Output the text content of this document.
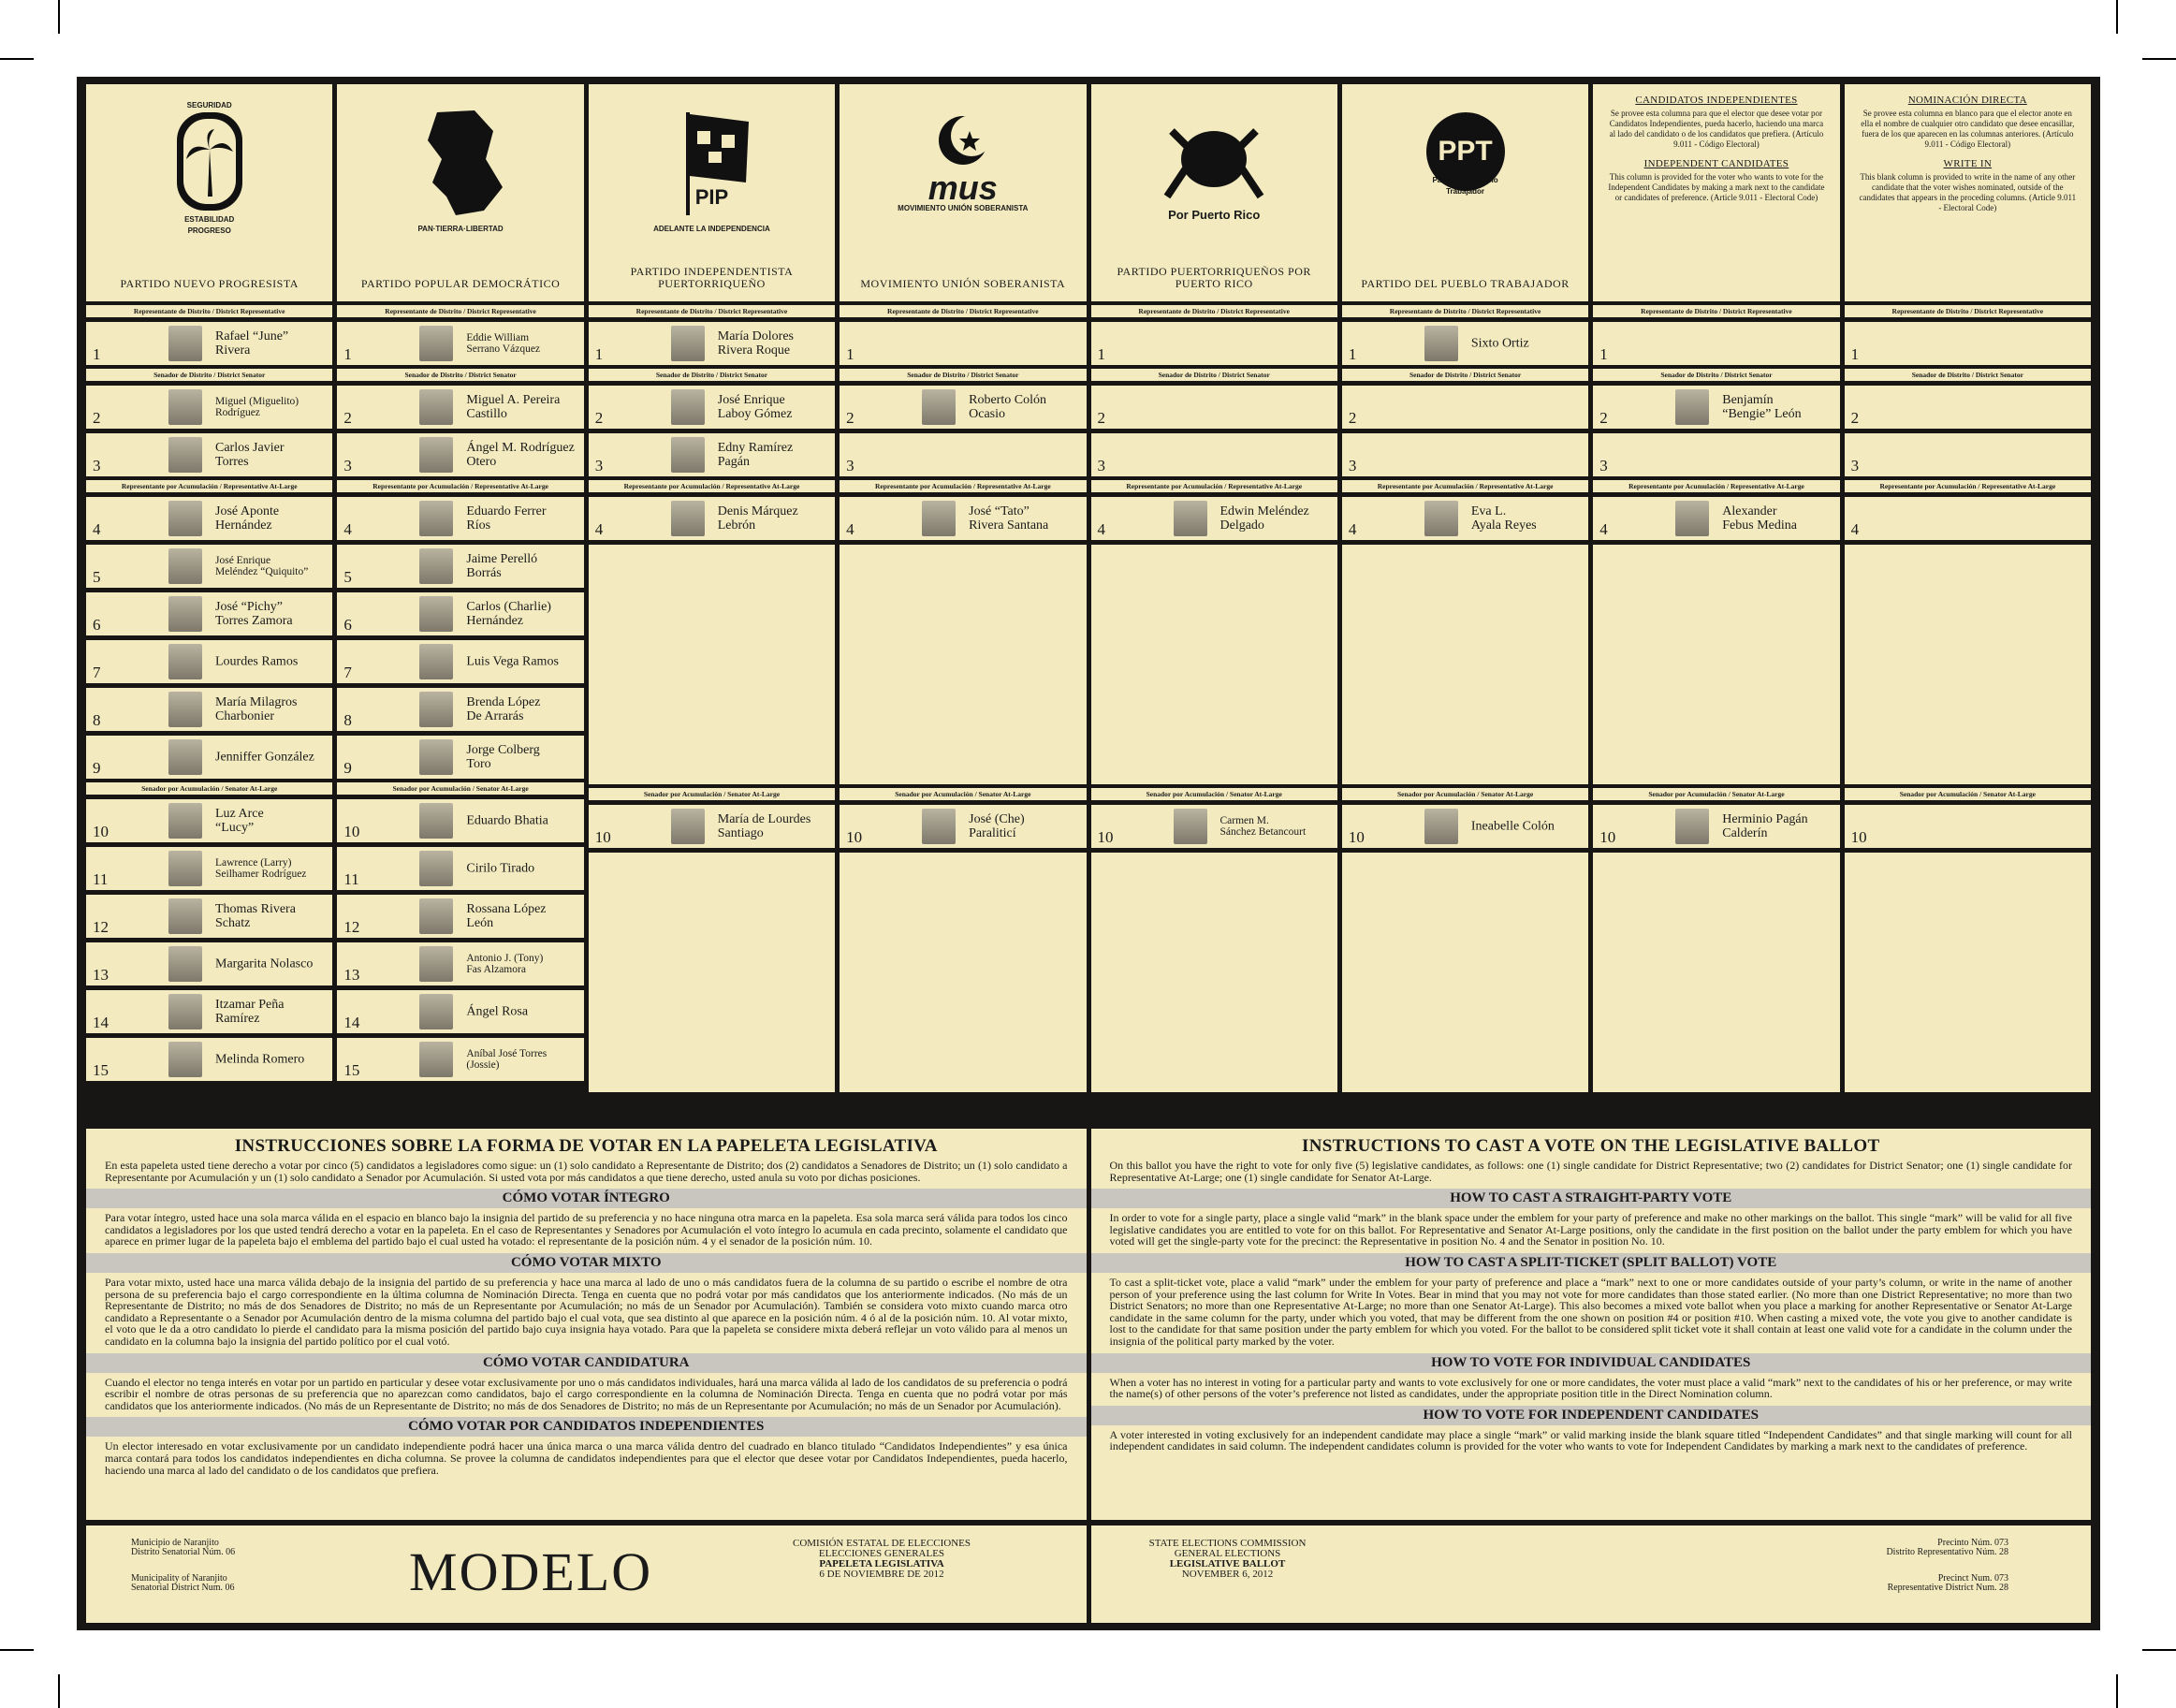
SEGURIDAD
ESTABILIDAD
PROGRESO
PARTIDO NUEVO PROGRESISTA
Representante de Distrito / District Representative
1
Rafael “June”
Rivera
Senador de Distrito / District Senator
2
Miguel (Miguelito)
Rodríguez
3
Carlos Javier
Torres
Representante por Acumulación / Representative At-Large
4
José Aponte
Hernández
5
José Enrique
Meléndez “Quiquito”
6
José “Pichy”
Torres Zamora
7
Lourdes Ramos
8
María Milagros
Charbonier
9
Jenniffer González
Senador por Acumulación / Senator At-Large
10
Luz Arce
“Lucy”
11
Lawrence (Larry)
Seilhamer Rodríguez
12
Thomas Rivera
Schatz
13
Margarita Nolasco
14
Itzamar Peña
Ramírez
15
Melinda Romero
PAN·TIERRA·LIBERTAD
PARTIDO POPULAR DEMOCRÁTICO
Representante de Distrito / District Representative
1
Eddie William
Serrano Vázquez
Senador de Distrito / District Senator
2
Miguel A. Pereira
Castillo
3
Ángel M. Rodríguez
Otero
Representante por Acumulación / Representative At-Large
4
Eduardo Ferrer
Ríos
5
Jaime Perelló
Borrás
6
Carlos (Charlie)
Hernández
7
Luis Vega Ramos
8
Brenda López
De Arrarás
9
Jorge Colberg
Toro
Senador por Acumulación / Senator At-Large
10
Eduardo Bhatia
11
Cirilo Tirado
12
Rossana López
León
13
Antonio J. (Tony)
Fas Alzamora
14
Ángel Rosa
15
Aníbal José Torres
(Jossie)
PIP
ADELANTE LA INDEPENDENCIA
PARTIDO INDEPENDENTISTA PUERTORRIQUEÑO
Representante de Distrito / District Representative
1
María Dolores
Rivera Roque
Senador de Distrito / District Senator
2
José Enrique
Laboy Gómez
3
Edny Ramírez
Pagán
Representante por Acumulación / Representative At-Large
4
Denis Márquez
Lebrón
Senador por Acumulación / Senator At-Large
10
María de Lourdes
Santiago
mus
MOVIMIENTO UNIÓN SOBERANISTA
MOVIMIENTO UNIÓN SOBERANISTA
Representante de Distrito / District Representative
1
Senador de Distrito / District Senator
2
Roberto Colón
Ocasio
3
Representante por Acumulación / Representative At-Large
4
José “Tato”
Rivera Santana
Senador por Acumulación / Senator At-Large
10
José (Che)
Paraliticí
Por Puerto Rico
PARTIDO PUERTORRIQUEÑOS POR PUERTO RICO
Representante de Distrito / District Representative
1
Senador de Distrito / District Senator
2
3
Representante por Acumulación / Representative At-Large
4
Edwin Meléndez
Delgado
Senador por Acumulación / Senator At-Large
10
Carmen M.
Sánchez Betancourt
PPT
Partido del Pueblo
Trabajador
PARTIDO DEL PUEBLO TRABAJADOR
Representante de Distrito / District Representative
1
Sixto Ortiz
Senador de Distrito / District Senator
2
3
Representante por Acumulación / Representative At-Large
4
Eva L.
Ayala Reyes
Senador por Acumulación / Senator At-Large
10
Ineabelle Colón
CANDIDATOS INDEPENDIENTES

Se provee esta columna para que el elector que desee votar por Candidatos Independientes, pueda hacerlo, haciendo una marca al lado del candidato o de los candidatos que prefiera. (Artículo 9.011 - Código Electoral)

INDEPENDENT CANDIDATES

This column is provided for the voter who wants to vote for the Independent Candidates by making a mark next to the candidate or candidates of preference. (Article 9.011 - Electoral Code)

Representante de Distrito / District Representative
1
Senador de Distrito / District Senator
2
Benjamín
“Bengie” León
3
Representante por Acumulación / Representative At-Large
4
Alexander
Febus Medina
Senador por Acumulación / Senator At-Large
10
Herminio Pagán
Calderín
NOMINACIÓN DIRECTA

Se provee esta columna en blanco para que el elector anote en ella el nombre de cualquier otro candidato que desee encasillar, fuera de los que aparecen en las columnas anteriores. (Artículo 9.011 - Código Electoral)

WRITE IN

This blank column is provided to write in the name of any other candidate that the voter wishes nominated, outside of the candidates that appears in the proceding columns. (Article 9.011 - Electoral Code)

Representante de Distrito / District Representative
1
Senador de Distrito / District Senator
2
3
Representante por Acumulación / Representative At-Large
4
Senador por Acumulación / Senator At-Large
10
INSTRUCCIONES SOBRE LA FORMA DE VOTAR EN LA PAPELETA LEGISLATIVA

En esta papeleta usted tiene derecho a votar por cinco (5) candidatos a legisladores como sigue: un (1) solo candidato a Representante de Distrito; dos (2) candidatos a Senadores de Distrito; un (1) solo candidato a Representante por Acumulación y un (1) solo candidato a Senador por Acumulación. Si usted vota por más candidatos a que tiene derecho, usted anula su voto por dichas posiciones.

CÓMO VOTAR ÍNTEGRO

Para votar íntegro, usted hace una sola marca válida en el espacio en blanco bajo la insignia del partido de su preferencia y no hace ninguna otra marca en la papeleta. Esa sola marca será válida para todos los cinco candidatos a legisladores por los que usted tendrá derecho a votar en la papeleta. En el caso de Representantes y Senadores por Acumulación el voto íntegro lo acumula en cada precinto, solamente el candidato que aparece en primer lugar de la papeleta bajo el emblema del partido bajo el cual usted ha votado: el representante de la posición núm. 4 y el senador de la posición núm. 10.

CÓMO VOTAR MIXTO

Para votar mixto, usted hace una marca válida debajo de la insignia del partido de su preferencia y hace una marca al lado de uno o más candidatos fuera de la columna de su partido o escribe el nombre de otra persona de su preferencia bajo el cargo correspondiente en la última columna de Nominación Directa. Tenga en cuenta que no podrá votar por más candidatos que los anteriormente indicados. (No más de un Representante de Distrito; no más de dos Senadores de Distrito; no más de un Representante por Acumulación; no más de un Senador por Acumulación). También se considera voto mixto cuando marca otro candidato a Representante o a Senador por Acumulación dentro de la misma columna del partido bajo el cual vota, que sea distinto al que aparece en la posición núm. 4 ó al de la posición núm. 10. Al votar mixto, el voto que le da a otro candidato lo pierde el candidato para la misma posición del partido bajo cuya insignia haya votado. Para que la papeleta se considere mixta deberá reflejar un voto válido para al menos un candidato en la columna bajo la insignia del partido político por el cual votó.

CÓMO VOTAR CANDIDATURA

Cuando el elector no tenga interés en votar por un partido en particular y desee votar exclusivamente por uno o más candidatos individuales, hará una marca válida al lado de los candidatos de su preferencia o podrá escribir el nombre de otras personas de su preferencia que no aparezcan como candidatos, bajo el cargo correspondiente en la columna de Nominación Directa. Tenga en cuenta que no podrá votar por más candidatos que los anteriormente indicados. (No más de un Representante de Distrito; no más de dos Senadores de Distrito; no más de un Representante por Acumulación; no más de un Senador por Acumulación).

CÓMO VOTAR POR CANDIDATOS INDEPENDIENTES

Un elector interesado en votar exclusivamente por un candidato independiente podrá hacer una única marca o una marca válida dentro del cuadrado en blanco titulado “Candidatos Independientes” y esa única marca contará para todos los candidatos independientes en dicha columna. Se provee la columna de candidatos independientes para que el elector que desee votar por Candidatos Independientes, pueda hacerlo, haciendo una marca al lado del candidato o de los candidatos que prefiera.

INSTRUCTIONS TO CAST A VOTE ON THE LEGISLATIVE BALLOT

On this ballot you have the right to vote for only five (5) legislative candidates, as follows: one (1) single candidate for District Representative; two (2) candidates for District Senator; one (1) single candidate for Representative At-Large; one (1) single candidate for Senator At-Large.

HOW TO CAST A STRAIGHT-PARTY VOTE

In order to vote for a single party, place a single valid “mark” in the blank space under the emblem for your party of preference and make no other markings on the ballot. This single “mark” will be valid for all five legislative candidates you are entitled to vote for on this ballot. For Representative and Senator At-Large positions, only the candidate in the first position on the ballot under the party emblem for which you have voted will get the single-party vote for the precinct: the Representative in position No. 4 and the Senator in position No. 10.

HOW TO CAST A SPLIT-TICKET (SPLIT BALLOT) VOTE

To cast a split-ticket vote, place a valid “mark” under the emblem for your party of preference and place a “mark” next to one or more candidates outside of your party’s column, or write in the name of another person of your preference using the last column for Write In Votes. Bear in mind that you may not vote for more candidates than those stated earlier. (No more than one District Representative; no more than two District Senators; no more than one Representative At-Large; no more than one Senator At-Large). This also becomes a mixed vote ballot when you place a marking for another Representative or Senator At-Large candidate in the same column for the party, under which you voted, that may be different from the one shown on position #4 or position #10. When casting a mixed vote, the vote you give to another candidate is lost to the candidate for that same position under the party emblem for which you voted. For the ballot to be considered split ticket vote it shall contain at least one valid vote for a candidate in the column under the insignia of the political party marked by the voter.

HOW TO VOTE FOR INDIVIDUAL CANDIDATES

When a voter has no interest in voting for a particular party and wants to vote exclusively for one or more candidates, the voter must place a valid “mark” next to the candidates of his or her preference, or may write the name(s) of other persons of the voter’s preference not listed as candidates, under the appropriate position title in the Direct Nomination column.

HOW TO VOTE FOR INDEPENDENT CANDIDATES

A voter interested in voting exclusively for an independent candidate may place a single “mark” or valid marking inside the blank square titled “Independent Candidates” and that single marking will count for all independent candidates in said column. The independent candidates column is provided for the voter who wants to vote for Independent Candidates by marking a mark next to the candidates of preference.

Municipio de Naranjito
Distrito Senatorial Núm. 06
Municipality of Naranjito
Senatorial District Num. 06	MODELO	COMISIÓN ESTATAL DE ELECCIONES
ELECCIONES GENERALES
PAPELETA LEGISLATIVA
6 DE NOVIEMBRE DE 2012
STATE ELECTIONS COMMISSION
GENERAL ELECTIONS
LEGISLATIVE BALLOT
NOVEMBER 6, 2012
Precinto Núm. 073
Distrito Representativo Núm. 28
Precinct Num. 073
Representative District Num. 28
